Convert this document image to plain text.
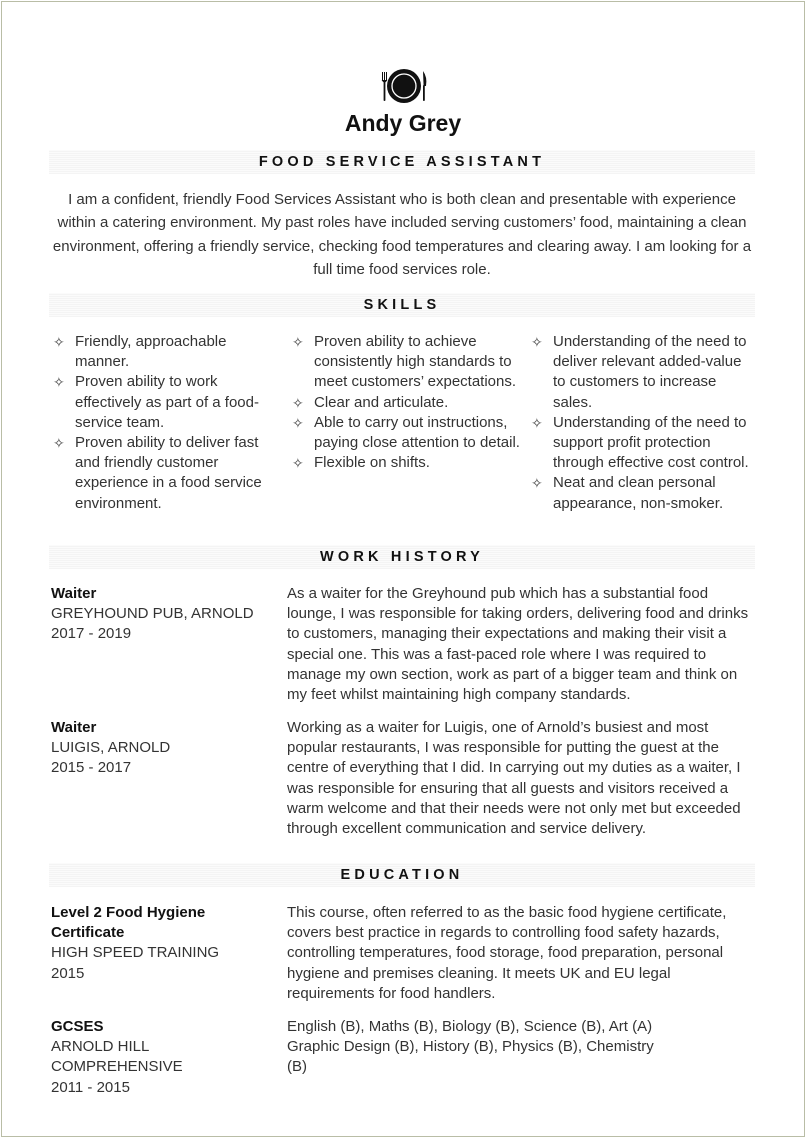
Andy Grey
FOOD SERVICE ASSISTANT
I am a confident, friendly Food Services Assistant who is both clean and presentable with experience within a catering environment. My past roles have included serving customers’ food, maintaining a clean environment, offering a friendly service, checking food temperatures and clearing away. I am looking for a full time food services role.
SKILLS
✧ Friendly, approachable manner.
✧ Proven ability to work effectively as part of a food-service team.
✧ Proven ability to deliver fast and friendly customer experience in a food service environment.
✧ Proven ability to achieve consistently high standards to meet customers’ expectations.
✧ Clear and articulate.
✧ Able to carry out instructions, paying close attention to detail.
✧ Flexible on shifts.
✧ Understanding of the need to deliver relevant added-value to customers to increase sales.
✧ Understanding of the need to support profit protection through effective cost control.
✧ Neat and clean personal appearance, non-smoker.
WORK HISTORY
Waiter
GREYHOUND PUB, ARNOLD
2017 - 2019
As a waiter for the Greyhound pub which has a substantial food lounge, I was responsible for taking orders, delivering food and drinks to customers, managing their expectations and making their visit a special one. This was a fast-paced role where I was required to manage my own section, work as part of a bigger team and think on my feet whilst maintaining high company standards.
Waiter
LUIGIS, ARNOLD
2015 - 2017
Working as a waiter for Luigis, one of Arnold’s busiest and most popular restaurants, I was responsible for putting the guest at the centre of everything that I did. In carrying out my duties as a waiter, I was responsible for ensuring that all guests and visitors received a warm welcome and that their needs were not only met but exceeded through excellent communication and service delivery.
EDUCATION
Level 2 Food Hygiene Certificate
HIGH SPEED TRAINING
2015
This course, often referred to as the basic food hygiene certificate, covers best practice in regards to controlling food safety hazards, controlling temperatures, food storage, food preparation, personal hygiene and premises cleaning. It meets UK and EU legal requirements for food handlers.
GCSES
ARNOLD HILL COMPREHENSIVE
2011 - 2015
English (B), Maths (B), Biology (B), Science (B), Art (A) Graphic Design (B), History (B), Physics (B), Chemistry (B)
